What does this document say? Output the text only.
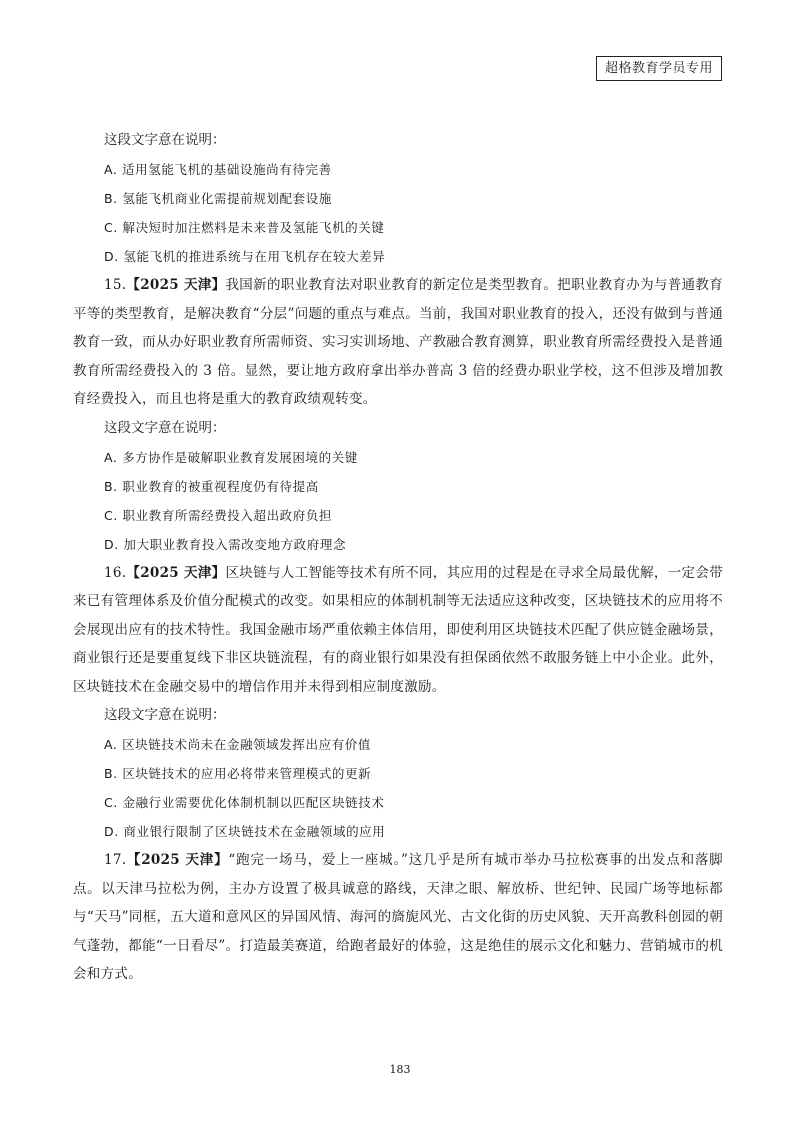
超格教育学员专用

这段文字意在说明：

A. 适用氢能飞机的基础设施尚有待完善

B. 氢能飞机商业化需提前规划配套设施

C. 解决短时加注燃料是未来普及氢能飞机的关键

D. 氢能飞机的推进系统与在用飞机存在较大差异

15.【2025 天津】我国新的职业教育法对职业教育的新定位是类型教育。把职业教育办为与普通教育平等的类型教育，是解决教育“分层”问题的重点与难点。当前，我国对职业教育的投入，还没有做到与普通教育一致，而从办好职业教育所需师资、实习实训场地、产教融合教育测算，职业教育所需经费投入是普通教育所需经费投入的 3 倍。显然，要让地方政府拿出举办普高 3 倍的经费办职业学校，这不但涉及增加教育经费投入，而且也将是重大的教育政绩观转变。

这段文字意在说明：

A. 多方协作是破解职业教育发展困境的关键

B. 职业教育的被重视程度仍有待提高

C. 职业教育所需经费投入超出政府负担

D. 加大职业教育投入需改变地方政府理念

16.【2025 天津】区块链与人工智能等技术有所不同，其应用的过程是在寻求全局最优解，一定会带来已有管理体系及价值分配模式的改变。如果相应的体制机制等无法适应这种改变，区块链技术的应用将不会展现出应有的技术特性。我国金融市场严重依赖主体信用，即使利用区块链技术匹配了供应链金融场景，商业银行还是要重复线下非区块链流程，有的商业银行如果没有担保函依然不敢服务链上中小企业。此外，区块链技术在金融交易中的增信作用并未得到相应制度激励。

这段文字意在说明：

A. 区块链技术尚未在金融领域发挥出应有价值

B. 区块链技术的应用必将带来管理模式的更新

C. 金融行业需要优化体制机制以匹配区块链技术

D. 商业银行限制了区块链技术在金融领域的应用

17.【2025 天津】“跑完一场马，爱上一座城。”这几乎是所有城市举办马拉松赛事的出发点和落脚点。以天津马拉松为例，主办方设置了极具诚意的路线，天津之眼、解放桥、世纪钟、民园广场等地标都与“天马”同框，五大道和意风区的异国风情、海河的旖旎风光、古文化街的历史风貌、天开高教科创园的朝气蓬勃，都能“一日看尽”。打造最美赛道，给跑者最好的体验，这是绝佳的展示文化和魅力、营销城市的机会和方式。

183
